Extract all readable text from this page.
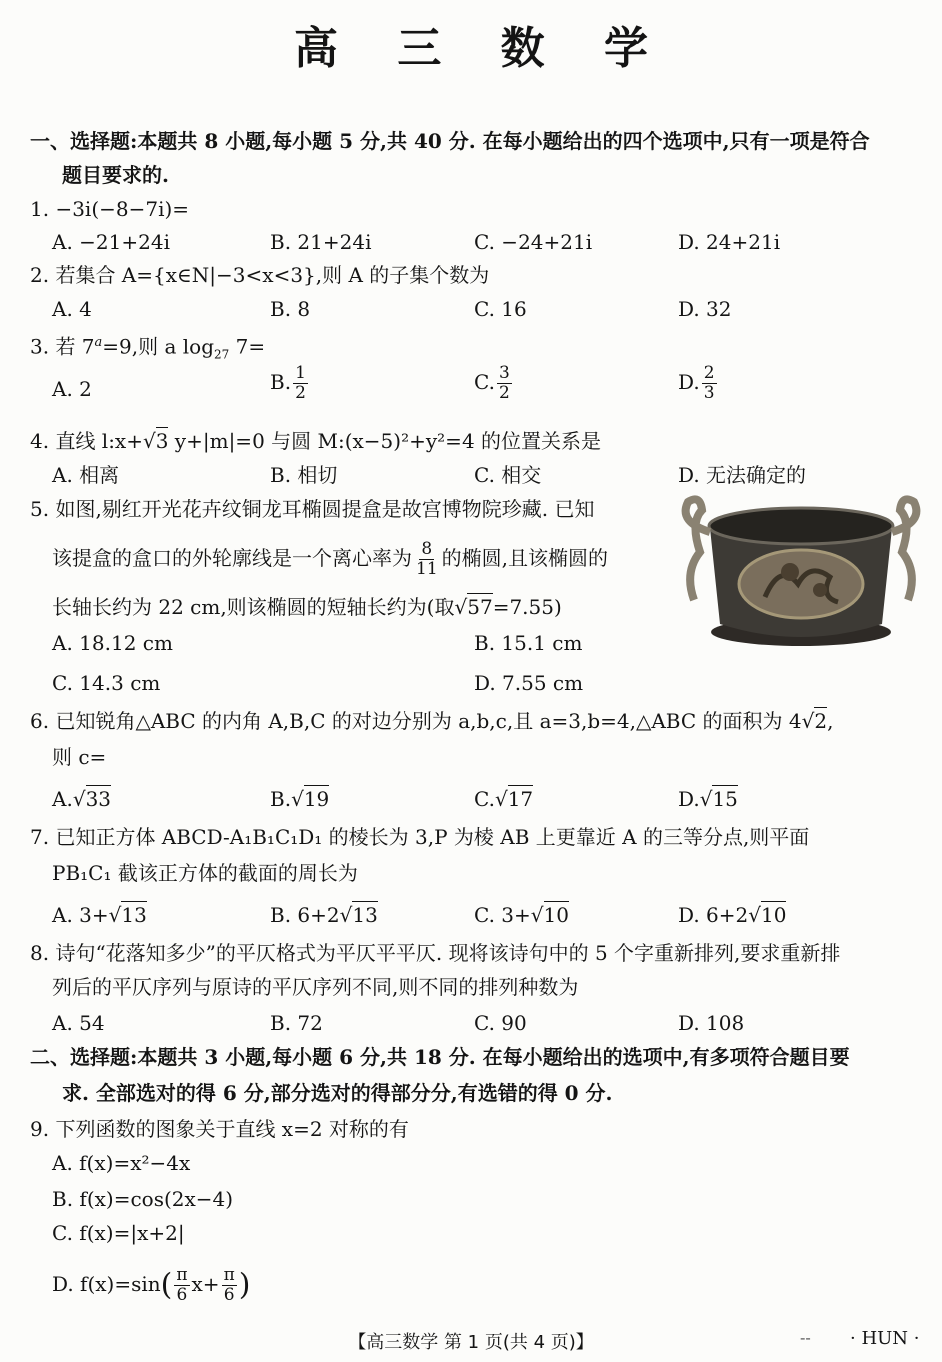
高 三 数 学
一、选择题:本题共 8 小题,每小题 5 分,共 40 分. 在每小题给出的四个选项中,只有一项是符合
题目要求的.
1. −3i(−8−7i)=
A. −21+24i	B. 21+24i	C. −24+21i	D. 24+21i
2. 若集合 A={x∈N|−3<x<3},则 A 的子集个数为
A. 4	B. 8	C. 16	D. 32
3. 若 $7^a=9$,则 a $\log_{27} 7=$
A. 2	B. $\frac{1}{2}$	C. $\frac{3}{2}$	D. $\frac{2}{3}$
4. 直线 l:x+√3 y+|m|=0 与圆 M:(x−5)²+y²=4 的位置关系是
A. 相离	B. 相切	C. 相交	D. 无法确定的
5. 如图,剔红开光花卉纹铜龙耳椭圆提盒是故宫博物院珍藏. 已知
该提盒的盒口的外轮廓线是一个离心率为 $\frac{8}{11}$ 的椭圆,且该椭圆的
长轴长约为 22 cm,则该椭圆的短轴长约为(取√57=7.55)
A. 18.12 cm	B. 15.1 cm
C. 14.3 cm	D. 7.55 cm
6. 已知锐角△ABC 的内角 A,B,C 的对边分别为 a,b,c,且 a=3,b=4,△ABC 的面积为 4√2,
则 c=
A.√33	B.√19	C.√17	D.√15
7. 已知正方体 ABCD-A₁B₁C₁D₁ 的棱长为 3,P 为棱 AB 上更靠近 A 的三等分点,则平面
PB₁C₁ 截该正方体的截面的周长为
A. 3+√13	B. 6+2√13	C. 3+√10	D. 6+2√10
8. 诗句“花落知多少”的平仄格式为平仄平平仄. 现将该诗句中的 5 个字重新排列,要求重新排
列后的平仄序列与原诗的平仄序列不同,则不同的排列种数为
A. 54	B. 72	C. 90	D. 108
二、选择题:本题共 3 小题,每小题 6 分,共 18 分. 在每小题给出的选项中,有多项符合题目要
求. 全部选对的得 6 分,部分选对的得部分分,有选错的得 0 分.
9. 下列函数的图象关于直线 x=2 对称的有
A. f(x)=x²−4x
B. f(x)=cos(2x−4)
C. f(x)=|x+2|
D. $f(x)=\sin( \frac{\pi}{6} x+ \frac{\pi}{6}$ )
【高三数学 第 1 页(共 4 页)】	-- · HUN ·
